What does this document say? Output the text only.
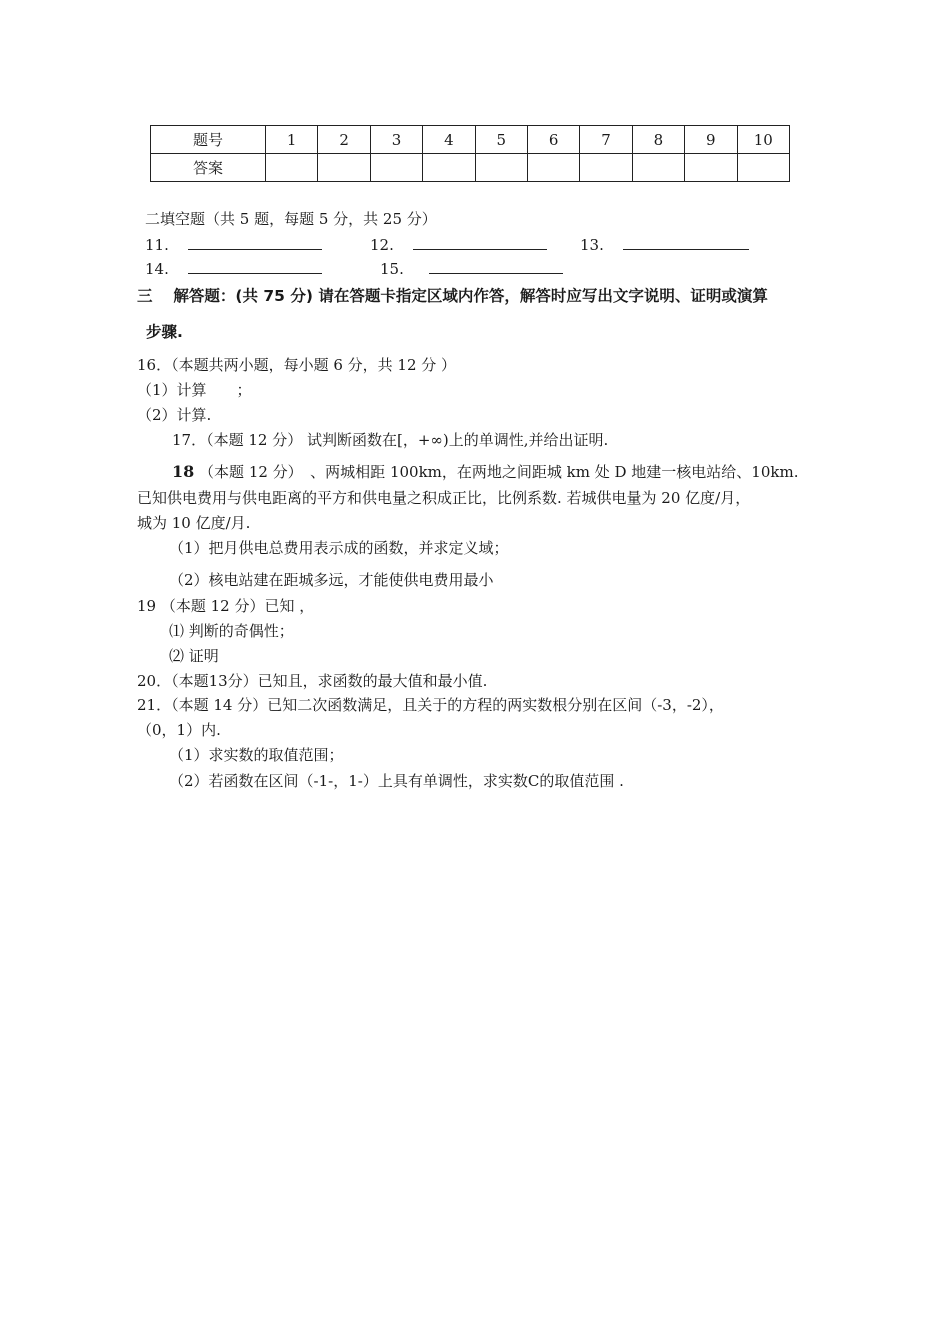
题号	1	2	3	4	5	6	7	8	9	10
答案										
二填空题（共 5 题，每题 5 分，共 25 分）
11.	12.	13.
14.	15.
三　 解答题：(共 75 分) 请在答题卡指定区域内作答，解答时应写出文字说明、证明或演算
步骤.
16．（本题共两小题，每小题 6 分，共 12 分 ）
（1）计算　　；
（2）计算.
17．（本题 12 分） 试判断函数在[，+∞)上的单调性,并给出证明.
18 （本题 12 分）　、两城相距 100km，在两地之间距城 km 处 D 地建一核电站给、10km.
已知供电费用与供电距离的平方和供电量之积成正比，比例系数. 若城供电量为 20 亿度/月，
城为 10 亿度/月.
（1）把月供电总费用表示成的函数，并求定义域；
（2）核电站建在距城多远，才能使供电费用最小
19 （本题 12 分）已知 ，
⑴ 判断的奇偶性；
⑵ 证明
20．（本题13分）已知且，求函数的最大值和最小值.
21．（本题 14 分）已知二次函数满足，且关于的方程的两实数根分别在区间（-3，-2），
（0，1）内.
（1）求实数的取值范围；
（2）若函数在区间（-1-，1-）上具有单调性，求实数C的取值范围 .
